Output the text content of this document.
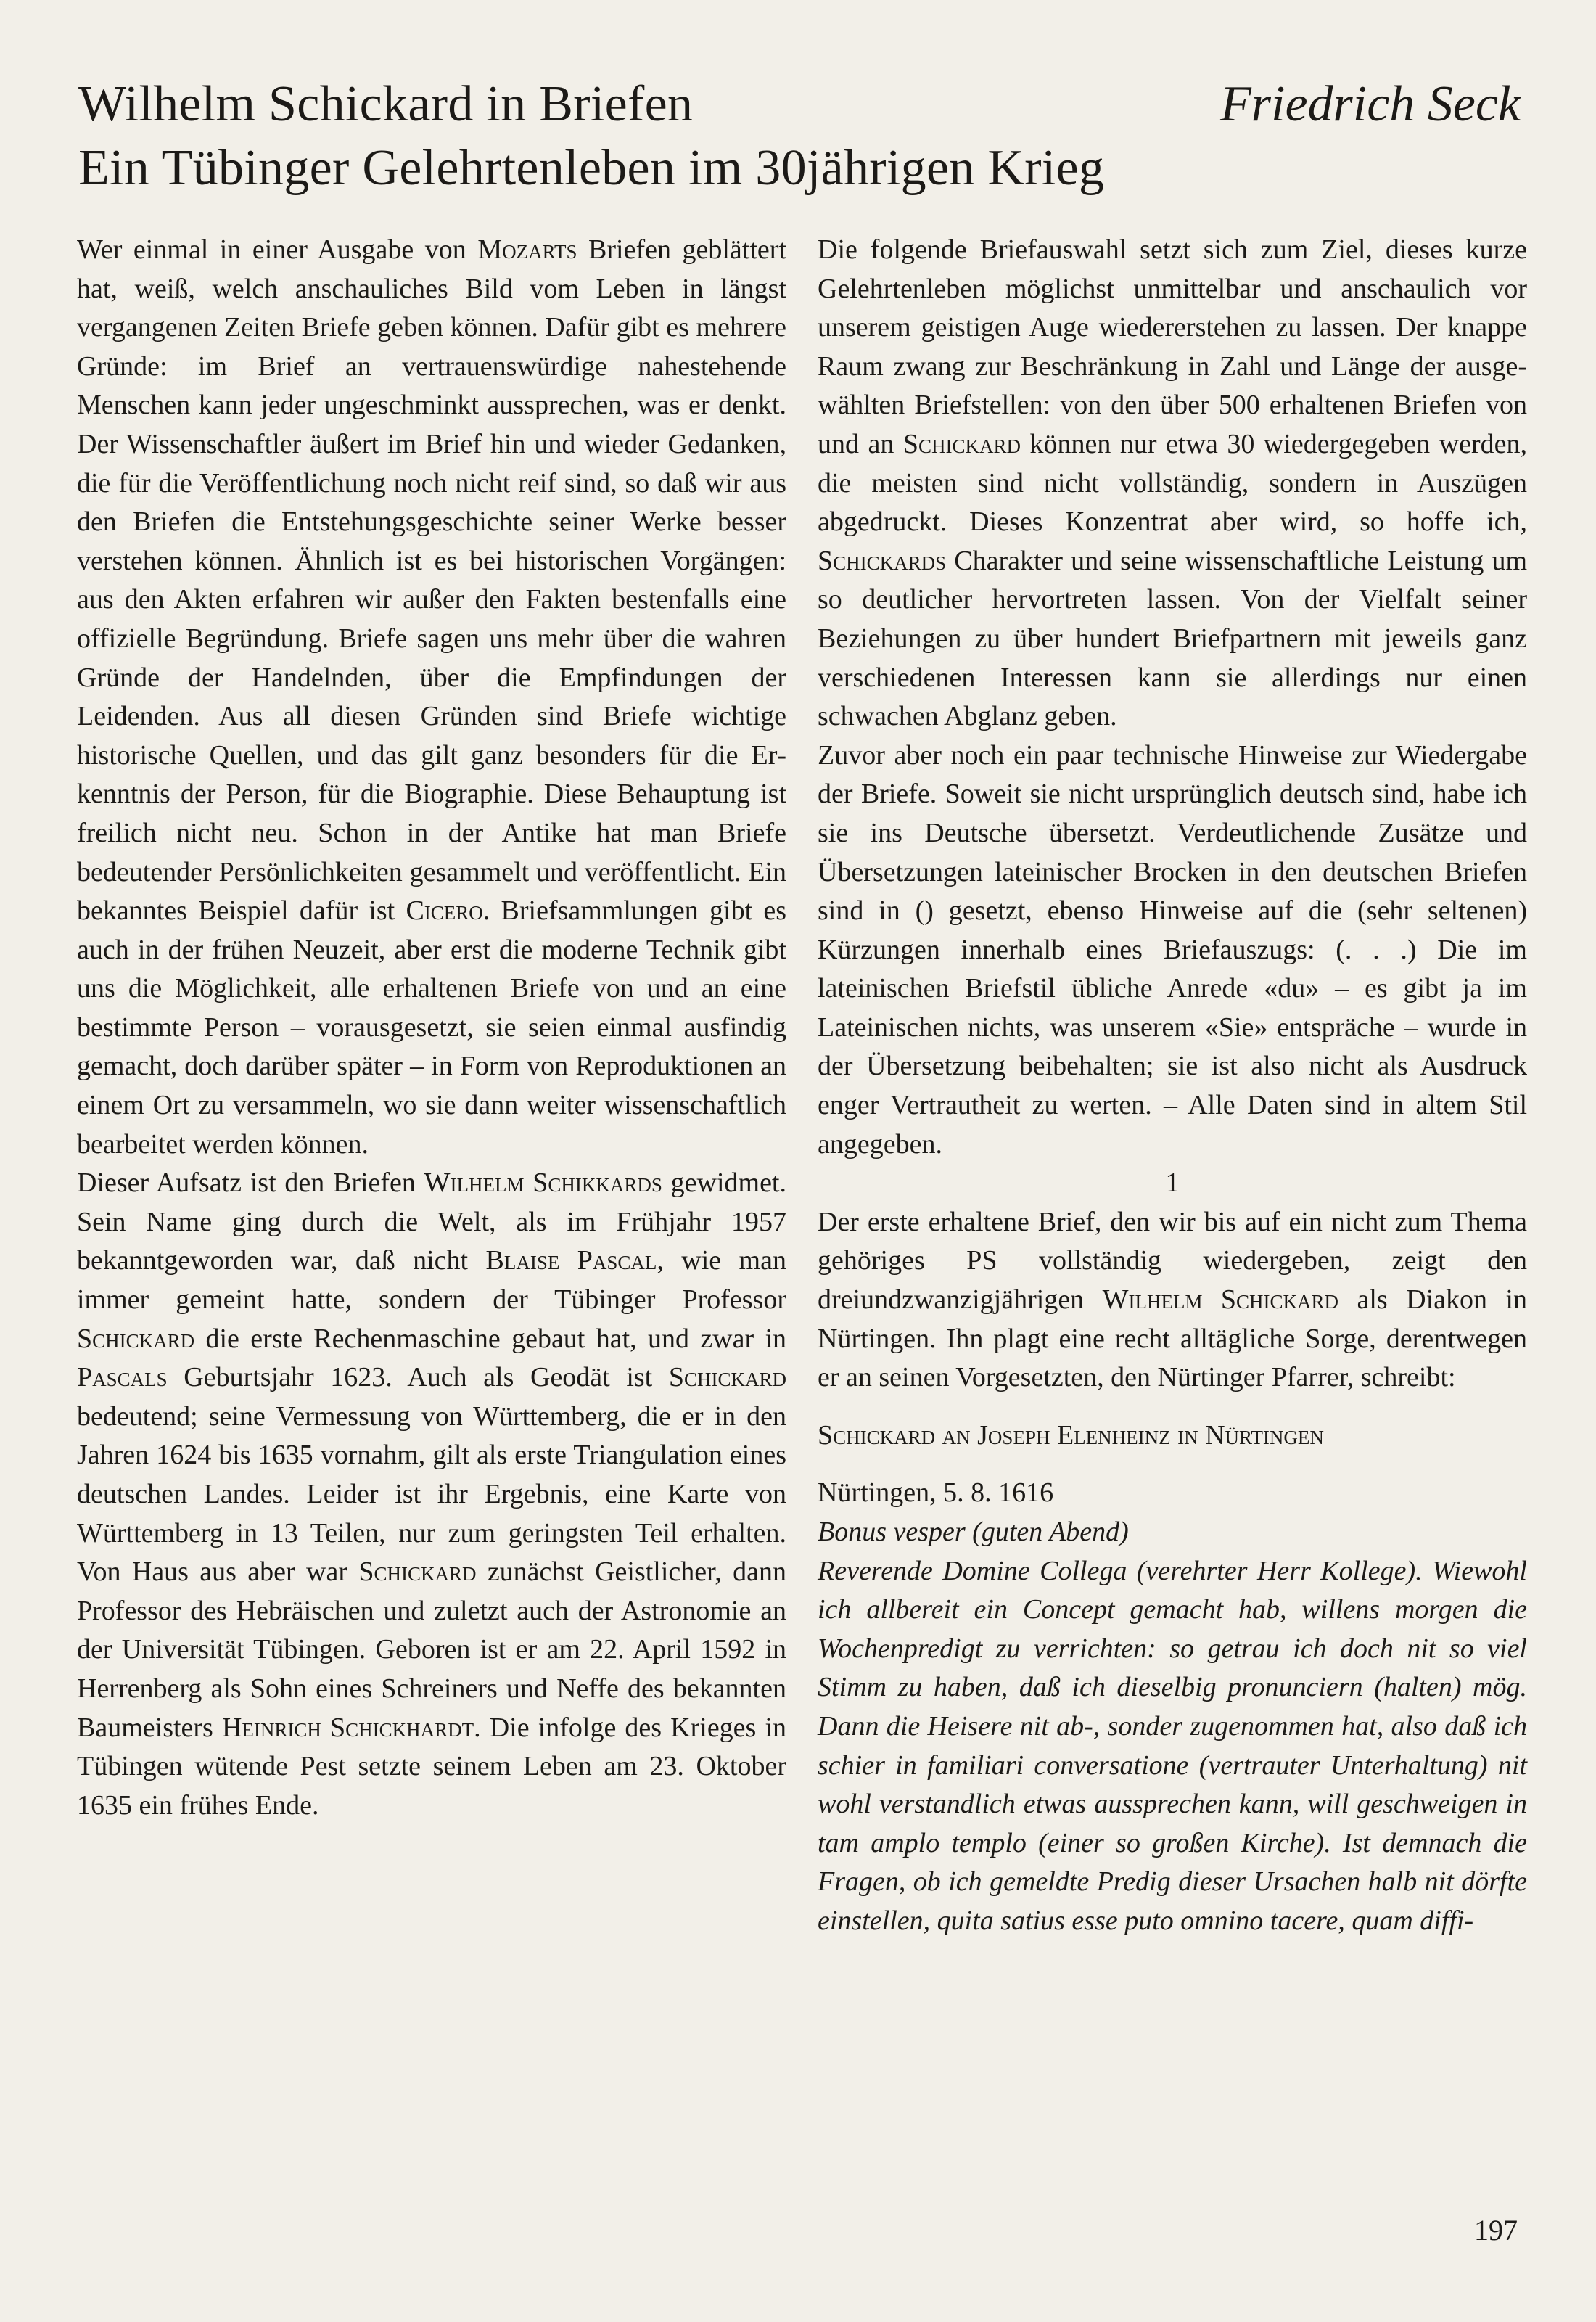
Wilhelm Schickard in Briefen	Friedrich Seck
Ein Tübinger Gelehrtenleben im 30jährigen Krieg

Wer einmal in einer Ausgabe von Mozarts Briefen geblättert hat, weiß, welch anschauliches Bild vom Leben in längst vergangenen Zeiten Briefe geben können. Dafür gibt es mehrere Gründe: im Brief an vertrauenswürdige nahestehende Menschen kann jeder ungeschminkt aussprechen, was er denkt. Der Wissenschaftler äußert im Brief hin und wieder Gedanken, die für die Veröffentlichung noch nicht reif sind, so daß wir aus den Briefen die Entstehungsgeschichte seiner Werke besser verstehen können. Ähnlich ist es bei historischen Vorgängen: aus den Akten erfahren wir außer den Fakten bestenfalls eine offizielle Begründung. Briefe sagen uns mehr über die wahren Gründe der Handelnden, über die Empfindungen der Leidenden. Aus all diesen Gründen sind Briefe wichtige historische Quellen, und das gilt ganz besonders für die Erkenntnis der Person, für die Biographie. Diese Behauptung ist freilich nicht neu. Schon in der Antike hat man Briefe bedeutender Persönlichkeiten gesammelt und veröffentlicht. Ein bekanntes Beispiel dafür ist Cicero. Briefsammlungen gibt es auch in der frühen Neuzeit, aber erst die moderne Technik gibt uns die Möglichkeit, alle erhaltenen Briefe von und an eine bestimmte Person – vorausgesetzt, sie seien einmal ausfindig gemacht, doch darüber später – in Form von Reproduktionen an einem Ort zu versammeln, wo sie dann weiter wissenschaftlich bearbeitet werden können.

Dieser Aufsatz ist den Briefen Wilhelm Schikkards gewidmet. Sein Name ging durch die Welt, als im Frühjahr 1957 bekanntgeworden war, daß nicht Blaise Pascal, wie man immer gemeint hatte, sondern der Tübinger Professor Schickard die erste Rechenmaschine gebaut hat, und zwar in Pascals Geburtsjahr 1623. Auch als Geodät ist Schickard bedeutend; seine Vermessung von Württemberg, die er in den Jahren 1624 bis 1635 vornahm, gilt als erste Triangulation eines deutschen Landes. Leider ist ihr Ergebnis, eine Karte von Württemberg in 13 Teilen, nur zum geringsten Teil erhalten. Von Haus aus aber war Schickard zunächst Geistlicher, dann Professor des Hebräischen und zuletzt auch der Astronomie an der Universität Tübingen. Geboren ist er am 22. April 1592 in Herrenberg als Sohn eines Schreiners und Neffe des bekannten Baumeisters Heinrich Schickhardt. Die infolge des Krieges in Tübingen wütende Pest setzte seinem Leben am 23. Oktober 1635 ein frühes Ende.

Die folgende Briefauswahl setzt sich zum Ziel, dieses kurze Gelehrtenleben möglichst unmittelbar und anschaulich vor unserem geistigen Auge wiedererstehen zu lassen. Der knappe Raum zwang zur Beschränkung in Zahl und Länge der ausgewählten Briefstellen: von den über 500 erhaltenen Briefen von und an Schickard können nur etwa 30 wiedergegeben werden, die meisten sind nicht vollständig, sondern in Auszügen abgedruckt. Dieses Konzentrat aber wird, so hoffe ich, Schickards Charakter und seine wissenschaftliche Leistung um so deutlicher hervortreten lassen. Von der Vielfalt seiner Beziehungen zu über hundert Briefpartnern mit jeweils ganz verschiedenen Interessen kann sie allerdings nur einen schwachen Abglanz geben.

Zuvor aber noch ein paar technische Hinweise zur Wiedergabe der Briefe. Soweit sie nicht ursprünglich deutsch sind, habe ich sie ins Deutsche übersetzt. Verdeutlichende Zusätze und Übersetzungen lateinischer Brocken in den deutschen Briefen sind in () gesetzt, ebenso Hinweise auf die (sehr seltenen) Kürzungen innerhalb eines Briefauszugs: (. . .) Die im lateinischen Briefstil übliche Anrede «du» – es gibt ja im Lateinischen nichts, was unserem «Sie» entspräche – wurde in der Übersetzung beibehalten; sie ist also nicht als Ausdruck enger Vertrautheit zu werten. – Alle Daten sind in altem Stil angegeben.

1

Der erste erhaltene Brief, den wir bis auf ein nicht zum Thema gehöriges PS vollständig wiedergeben, zeigt den dreiundzwanzigjährigen Wilhelm Schickard als Diakon in Nürtingen. Ihn plagt eine recht alltägliche Sorge, derentwegen er an seinen Vorgesetzten, den Nürtinger Pfarrer, schreibt:

Schickard an Joseph Elenheinz in Nürtingen

Nürtingen, 5. 8. 1616

Bonus vesper (guten Abend)

Reverende Domine Collega (verehrter Herr Kollege). Wiewohl ich allbereit ein Concept gemacht hab, willens morgen die Wochenpredigt zu verrichten: so getrau ich doch nit so viel Stimm zu haben, daß ich dieselbig pronunciern (halten) mög. Dann die Heisere nit ab-, sonder zugenommen hat, also daß ich schier in familiari conversatione (vertrauter Unterhaltung) nit wohl verstandlich etwas aussprechen kann, will geschweigen in tam amplo templo (einer so großen Kirche). Ist demnach die Fragen, ob ich gemeldte Predig dieser Ursachen halb nit dörfte einstellen, quita satius esse puto omnino tacere, quam diffi-

197
